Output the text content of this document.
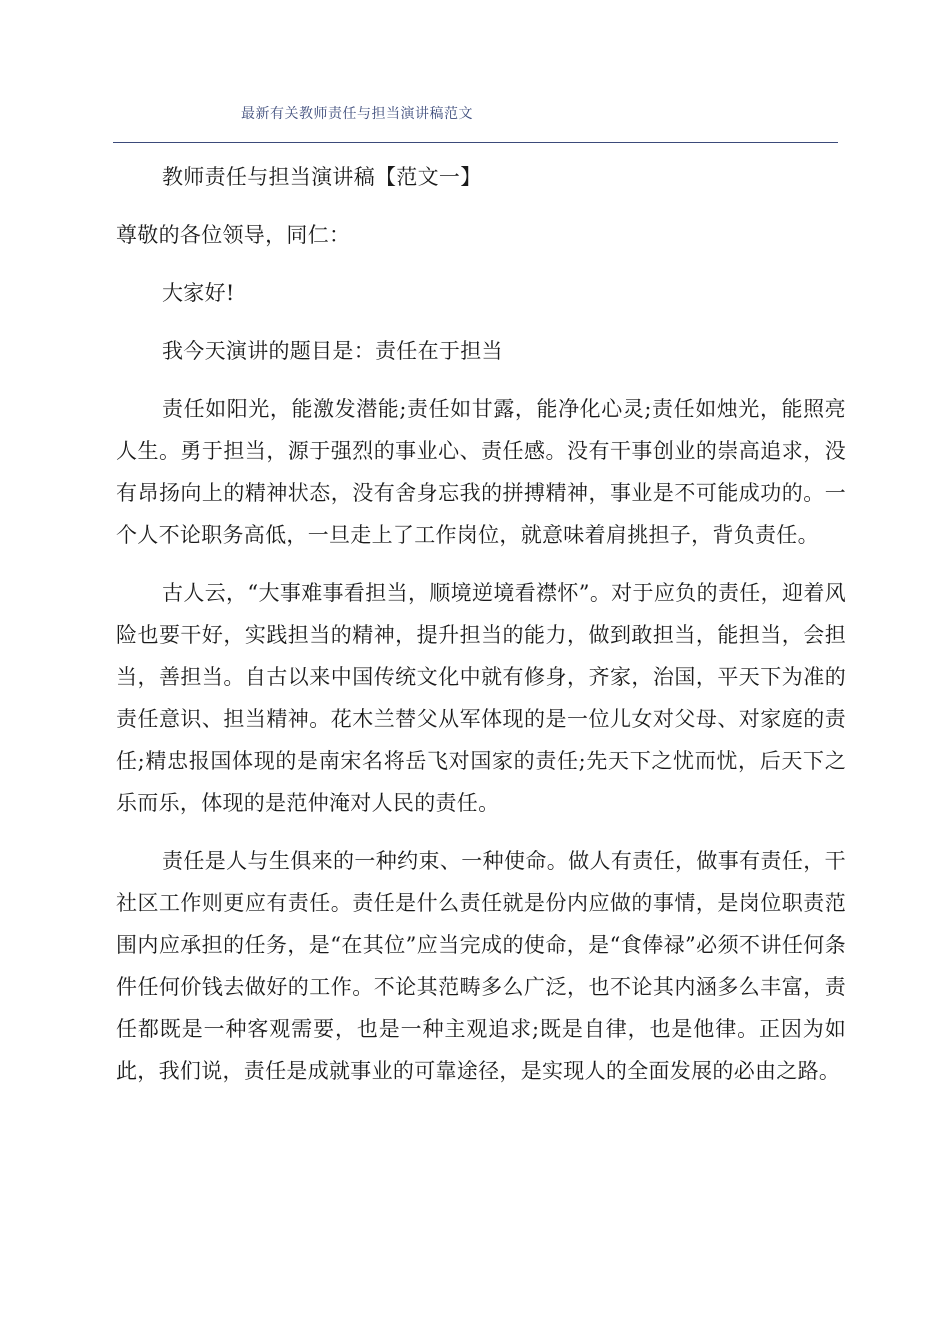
最新有关教师责任与担当演讲稿范文

教师责任与担当演讲稿【范文一】

尊敬的各位领导，同仁：

大家好!

我今天演讲的题目是：责任在于担当

责任如阳光，能激发潜能;责任如甘露，能净化心灵;责任如烛光，能照亮人生。勇于担当，源于强烈的事业心、责任感。没有干事创业的崇高追求，没有昂扬向上的精神状态，没有舍身忘我的拼搏精神，事业是不可能成功的。一个人不论职务高低，一旦走上了工作岗位，就意味着肩挑担子，背负责任。

古人云，“大事难事看担当，顺境逆境看襟怀”。对于应负的责任，迎着风险也要干好，实践担当的精神，提升担当的能力，做到敢担当，能担当，会担当，善担当。自古以来中国传统文化中就有修身，齐家，治国，平天下为准的责任意识、担当精神。花木兰替父从军体现的是一位儿女对父母、对家庭的责任;精忠报国体现的是南宋名将岳飞对国家的责任;先天下之忧而忧，后天下之乐而乐，体现的是范仲淹对人民的责任。

责任是人与生俱来的一种约束、一种使命。做人有责任，做事有责任，干社区工作则更应有责任。责任是什么责任就是份内应做的事情，是岗位职责范围内应承担的任务，是“在其位”应当完成的使命，是“食俸禄”必须不讲任何条件任何价钱去做好的工作。不论其范畴多么广泛，也不论其内涵多么丰富，责任都既是一种客观需要，也是一种主观追求;既是自律，也是他律。正因为如此，我们说，责任是成就事业的可靠途径，是实现人的全面发展的必由之路。
